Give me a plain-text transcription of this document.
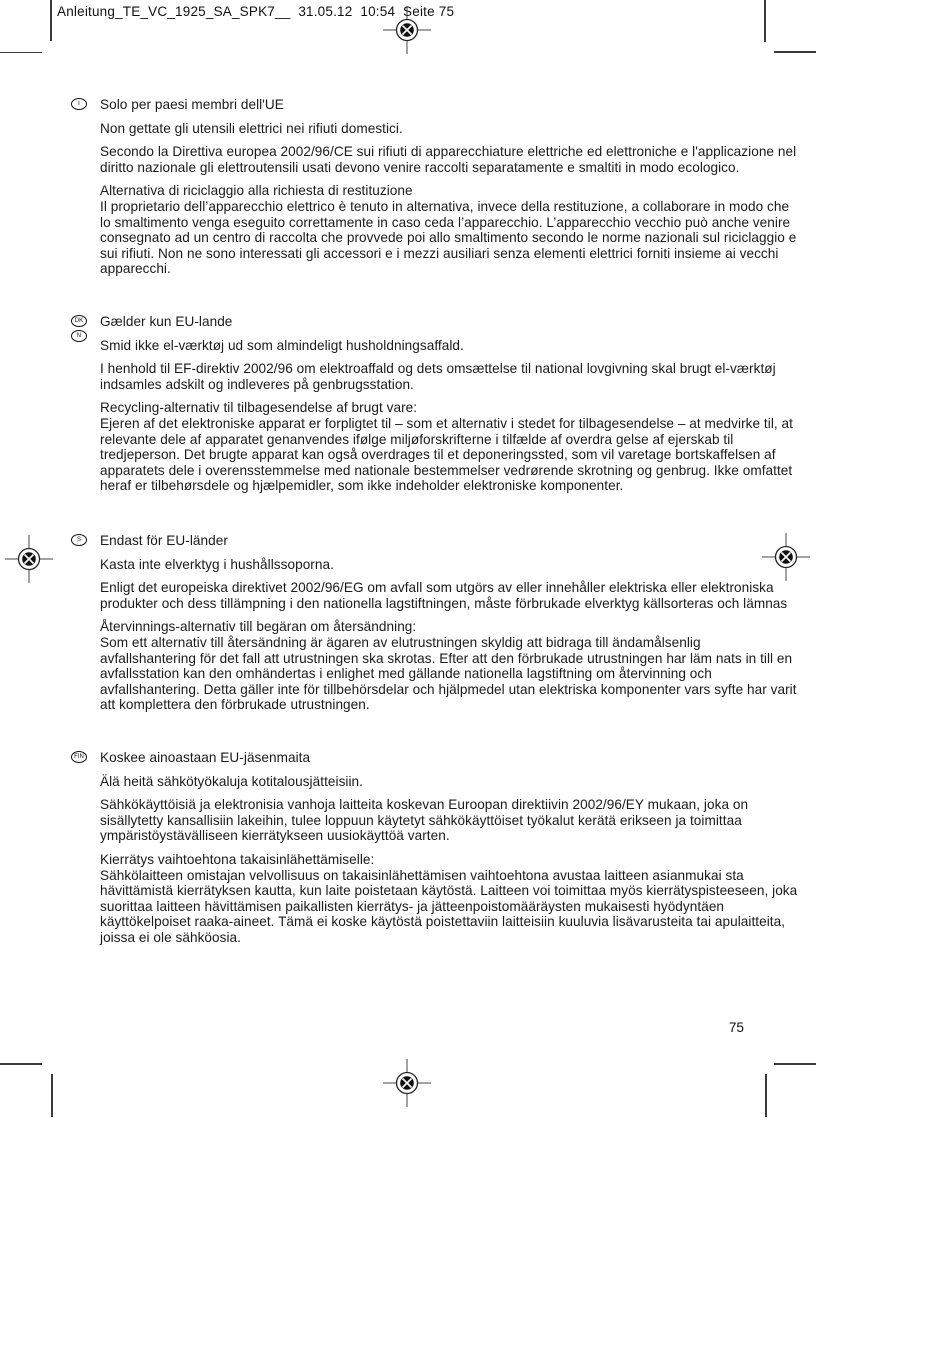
Anleitung_TE_VC_1925_SA_SPK7__  31.05.12  10:54  Seite 75
I	Solo per paesi membri dell'UE

Non gettate gli utensili elettrici nei rifiuti domestici.

Secondo la Direttiva europea 2002/96/CE sui rifiuti di apparecchiature elettriche ed elettroniche e l'applicazione nel diritto nazionale gli elettroutensili usati devono venire raccolti separatamente e smaltiti in modo ecologico.

Alternativa di riciclaggio alla richiesta di restituzione
Il proprietario dell’apparecchio elettrico è tenuto in alternativa, invece della restituzione, a collaborare in modo che lo smaltimento venga eseguito correttamente in caso ceda l’apparecchio. L’apparecchio vecchio può anche venire consegnato ad un centro di raccolta che provvede poi allo smaltimento secondo le norme nazionali sul riciclaggio e sui rifiuti. Non ne sono interessati gli accessori e i mezzi ausiliari senza elementi elettrici forniti insieme ai vecchi apparecchi.

DK
N
Gælder kun EU-lande

Smid ikke el-værktøj ud som almindeligt husholdningsaffald.

I henhold til EF-direktiv 2002/96 om elektroaffald og dets omsættelse til national lovgivning skal brugt el-værktøj indsamles adskilt og indleveres på genbrugsstation.

Recycling-alternativ til tilbagesendelse af brugt vare:
Ejeren af det elektroniske apparat er forpligtet til – som et alternativ i stedet for tilbagesendelse – at medvirke til, at relevante dele af apparatet genanvendes ifølge miljøforskrifterne i tilfælde af overdra gelse af ejerskab til tredjeperson. Det brugte apparat kan også overdrages til et deponeringssted, som vil varetage bortskaffelsen af apparatets dele i overensstemmelse med nationale bestemmelser vedrørende skrotning og genbrug. Ikke omfattet heraf er tilbehørsdele og hjælpemidler, som ikke indeholder elektroniske komponenter.

S	Endast för EU-länder

Kasta inte elverktyg i hushållssoporna.

Enligt det europeiska direktivet 2002/96/EG om avfall som utgörs av eller innehåller elektriska eller elektroniska produkter och dess tillämpning i den nationella lagstiftningen, måste förbrukade elverktyg källsorteras och lämnas

Återvinnings-alternativ till begäran om återsändning:
Som ett alternativ till återsändning är ägaren av elutrustningen skyldig att bidraga till ändamålsenlig avfallshantering för det fall att utrustningen ska skrotas. Efter att den förbrukade utrustningen har läm nats in till en avfallsstation kan den omhändertas i enlighet med gällande nationella lagstiftning om återvinning och avfallshantering. Detta gäller inte för tillbehörsdelar och hjälpmedel utan elektriska komponenter vars syfte har varit att komplettera den förbrukade utrustningen.

FIN Koskee ainoastaan EU-jäsenmaita

Älä heitä sähkötyökaluja kotitalousjätteisiin.

Sähkökäyttöisiä ja elektronisia vanhoja laitteita koskevan Euroopan direktiivin 2002/96/EY mukaan, joka on sisällytetty kansallisiin lakeihin, tulee loppuun käytetyt sähkökäyttöiset työkalut kerätä erikseen ja toimittaa ympäristöystävälliseen kierrätykseen uusiokäyttöä varten.

Kierrätys vaihtoehtona takaisinlähettämiselle:
Sähkölaitteen omistajan velvollisuus on takaisinlähettämisen vaihtoehtona avustaa laitteen asianmukai sta hävittämistä kierrätyksen kautta, kun laite poistetaan käytöstä. Laitteen voi toimittaa myös kierrätyspisteeseen, joka suorittaa laitteen hävittämisen paikallisten kierrätys- ja jätteenpoistomääräysten mukaisesti hyödyntäen käyttökelpoiset raaka-aineet. Tämä ei koske käytöstä poistettaviin laitteisiin kuuluvia lisävarusteita tai apulaitteita, joissa ei ole sähköosia.

75
